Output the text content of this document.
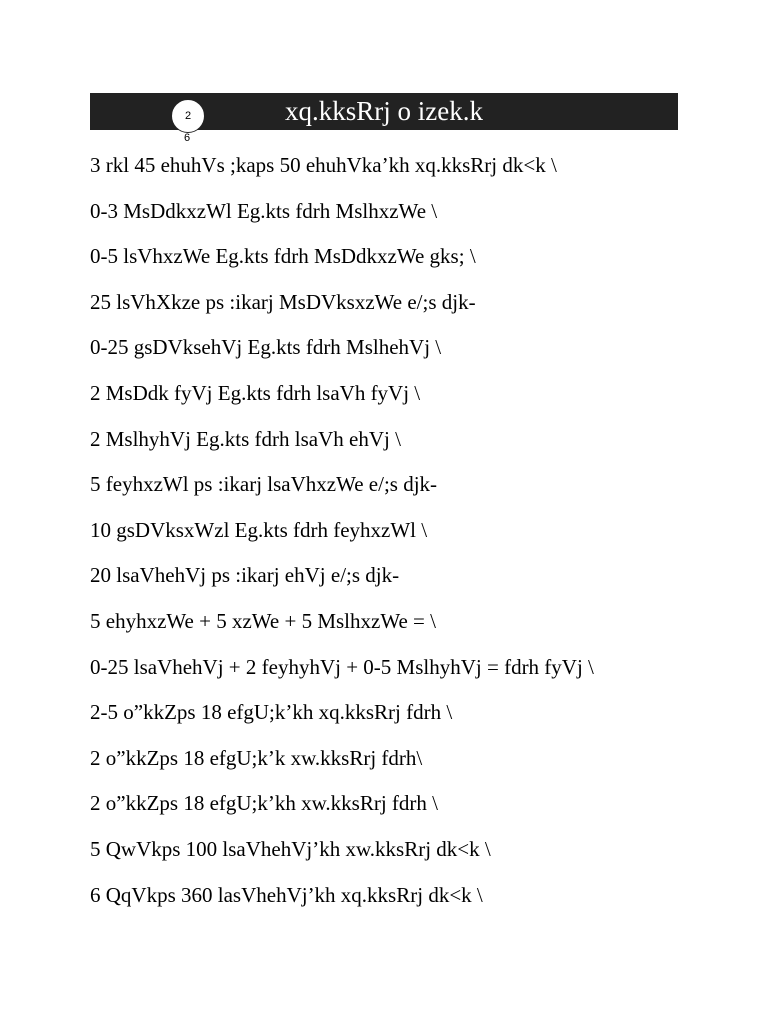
xq.kksRrj o izek.k
2
6
3 rkl 45 ehuhVs ;kaps 50 ehuhVka’kh xq.kksRrj dk<k \
0-3 MsDdkxzWl Eg.kts fdrh MslhxzWe \
0-5 lsVhxzWe Eg.kts fdrh MsDdkxzWe gks; \
25 lsVhXkze ps :ikarj MsDVksxzWe e/;s djk-
0-25 gsDVksehVj Eg.kts fdrh MslhehVj \
2 MsDdk fyVj Eg.kts fdrh lsaVh fyVj \
2 MslhyhVj Eg.kts fdrh lsaVh ehVj \
5 feyhxzWl ps :ikarj lsaVhxzWe e/;s djk-
10 gsDVksxWzl Eg.kts fdrh feyhxzWl \
20 lsaVhehVj ps :ikarj ehVj e/;s djk-
5 ehyhxzWe + 5 xzWe + 5 MslhxzWe = \
0-25 lsaVhehVj + 2 feyhyhVj + 0-5 MslhyhVj = fdrh fyVj \
2-5 o”kkZps 18 efgU;k’kh xq.kksRrj fdrh \
2 o”kkZps 18 efgU;k’k xw.kksRrj fdrh\
2 o”kkZps 18 efgU;k’kh xw.kksRrj fdrh \
5 QwVkps 100 lsaVhehVj’kh xw.kksRrj dk<k \
6 QqVkps 360 lasVhehVj’kh xq.kksRrj dk<k \
